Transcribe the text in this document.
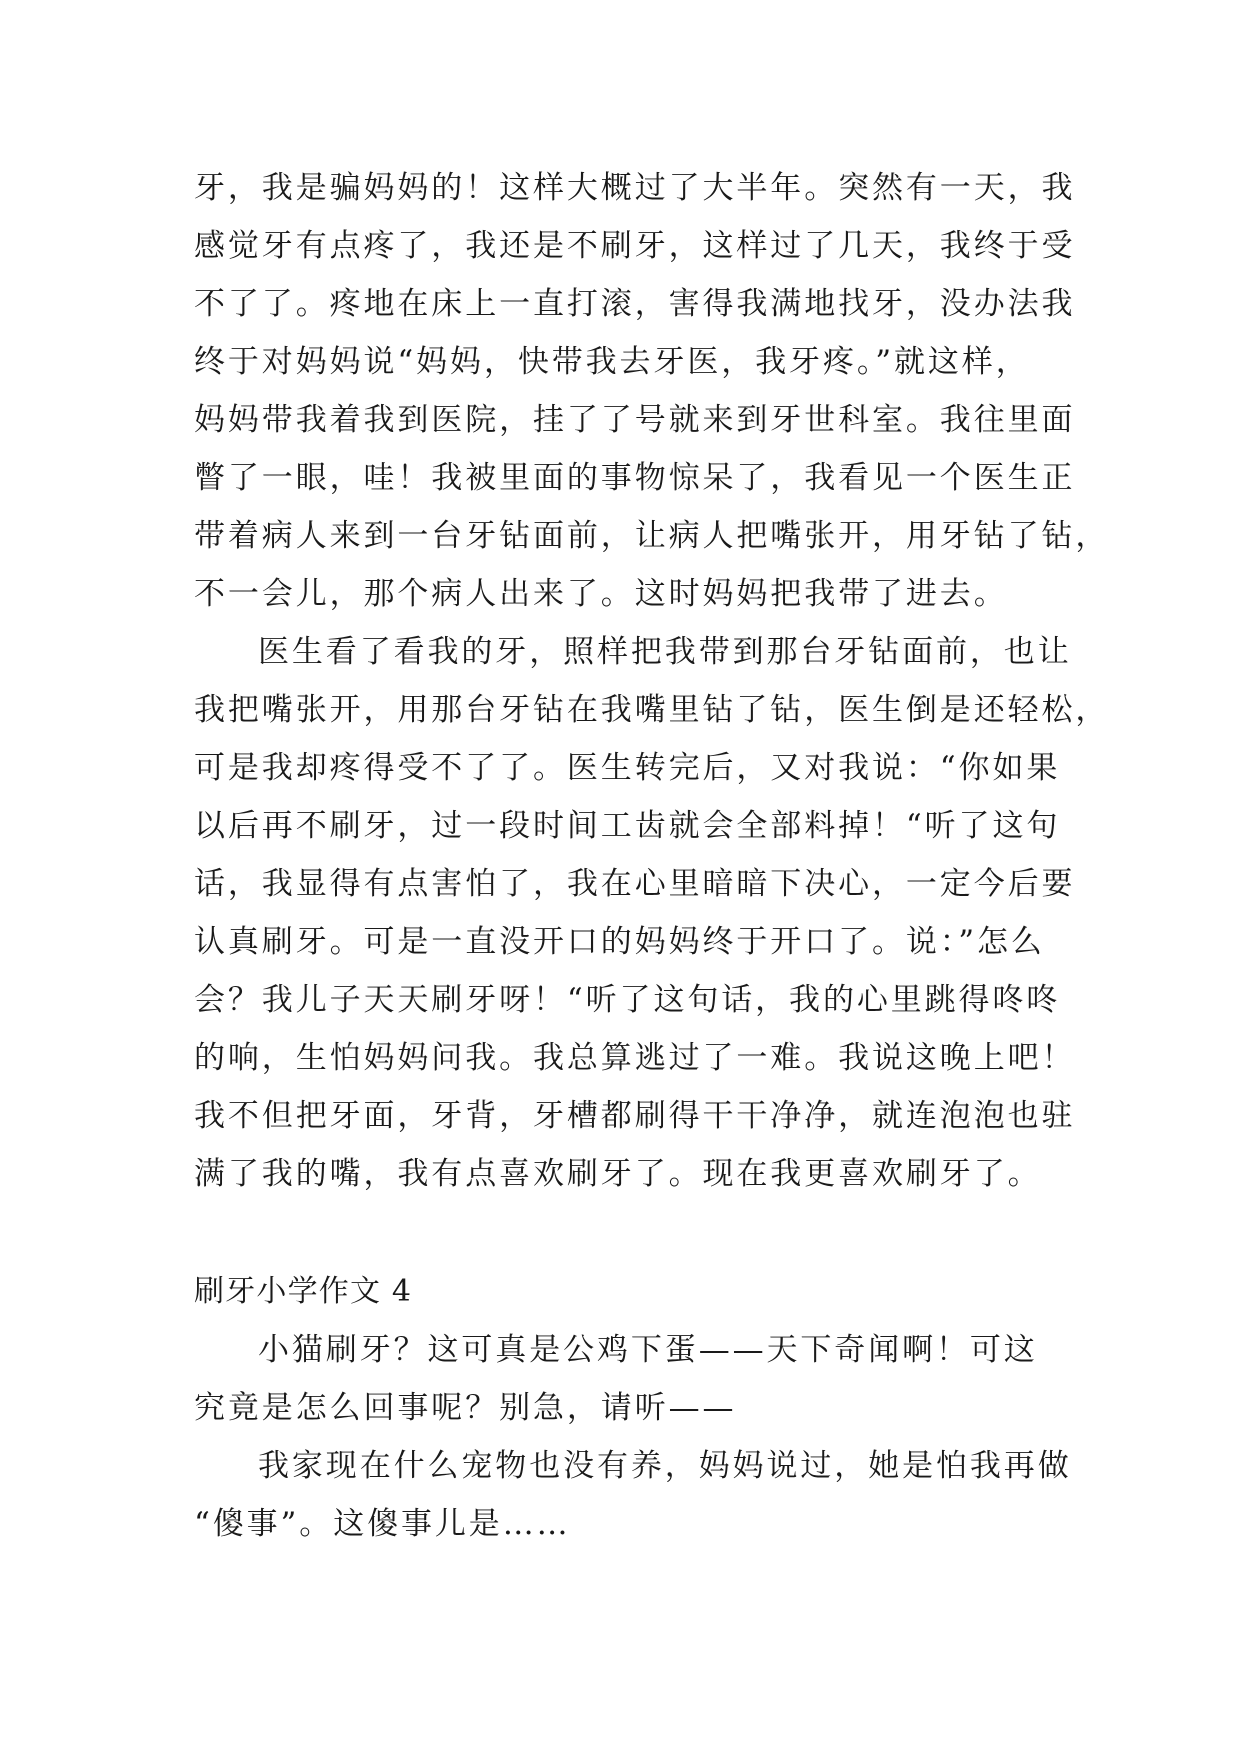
牙，我是骗妈妈的！这样大概过了大半年。突然有一天，我
感觉牙有点疼了，我还是不刷牙，这样过了几天，我终于受
不了了。疼地在床上一直打滚，害得我满地找牙，没办法我
终于对妈妈说“妈妈，快带我去牙医，我牙疼。”就这样，
妈妈带我着我到医院，挂了了号就来到牙世科室。我往里面
瞥了一眼，哇！我被里面的事物惊呆了，我看见一个医生正
带着病人来到一台牙钻面前，让病人把嘴张开，用牙钻了钻，
不一会儿，那个病人出来了。这时妈妈把我带了进去。
医生看了看我的牙，照样把我带到那台牙钻面前，也让
我把嘴张开，用那台牙钻在我嘴里钻了钻，医生倒是还轻松，
可是我却疼得受不了了。医生转完后，又对我说：“你如果
以后再不刷牙，过一段时间工齿就会全部料掉！“听了这句
话，我显得有点害怕了，我在心里暗暗下决心，一定今后要
认真刷牙。可是一直没开口的妈妈终于开口了。说：”怎么
会？我儿子天天刷牙呀！“听了这句话，我的心里跳得咚咚
的响，生怕妈妈问我。我总算逃过了一难。我说这晚上吧！
我不但把牙面，牙背，牙槽都刷得干干净净，就连泡泡也驻
满了我的嘴，我有点喜欢刷牙了。现在我更喜欢刷牙了。
刷牙小学作文 4
小猫刷牙？这可真是公鸡下蛋——天下奇闻啊！可这
究竟是怎么回事呢？别急，请听——
我家现在什么宠物也没有养，妈妈说过，她是怕我再做
“傻事”。这傻事儿是……
